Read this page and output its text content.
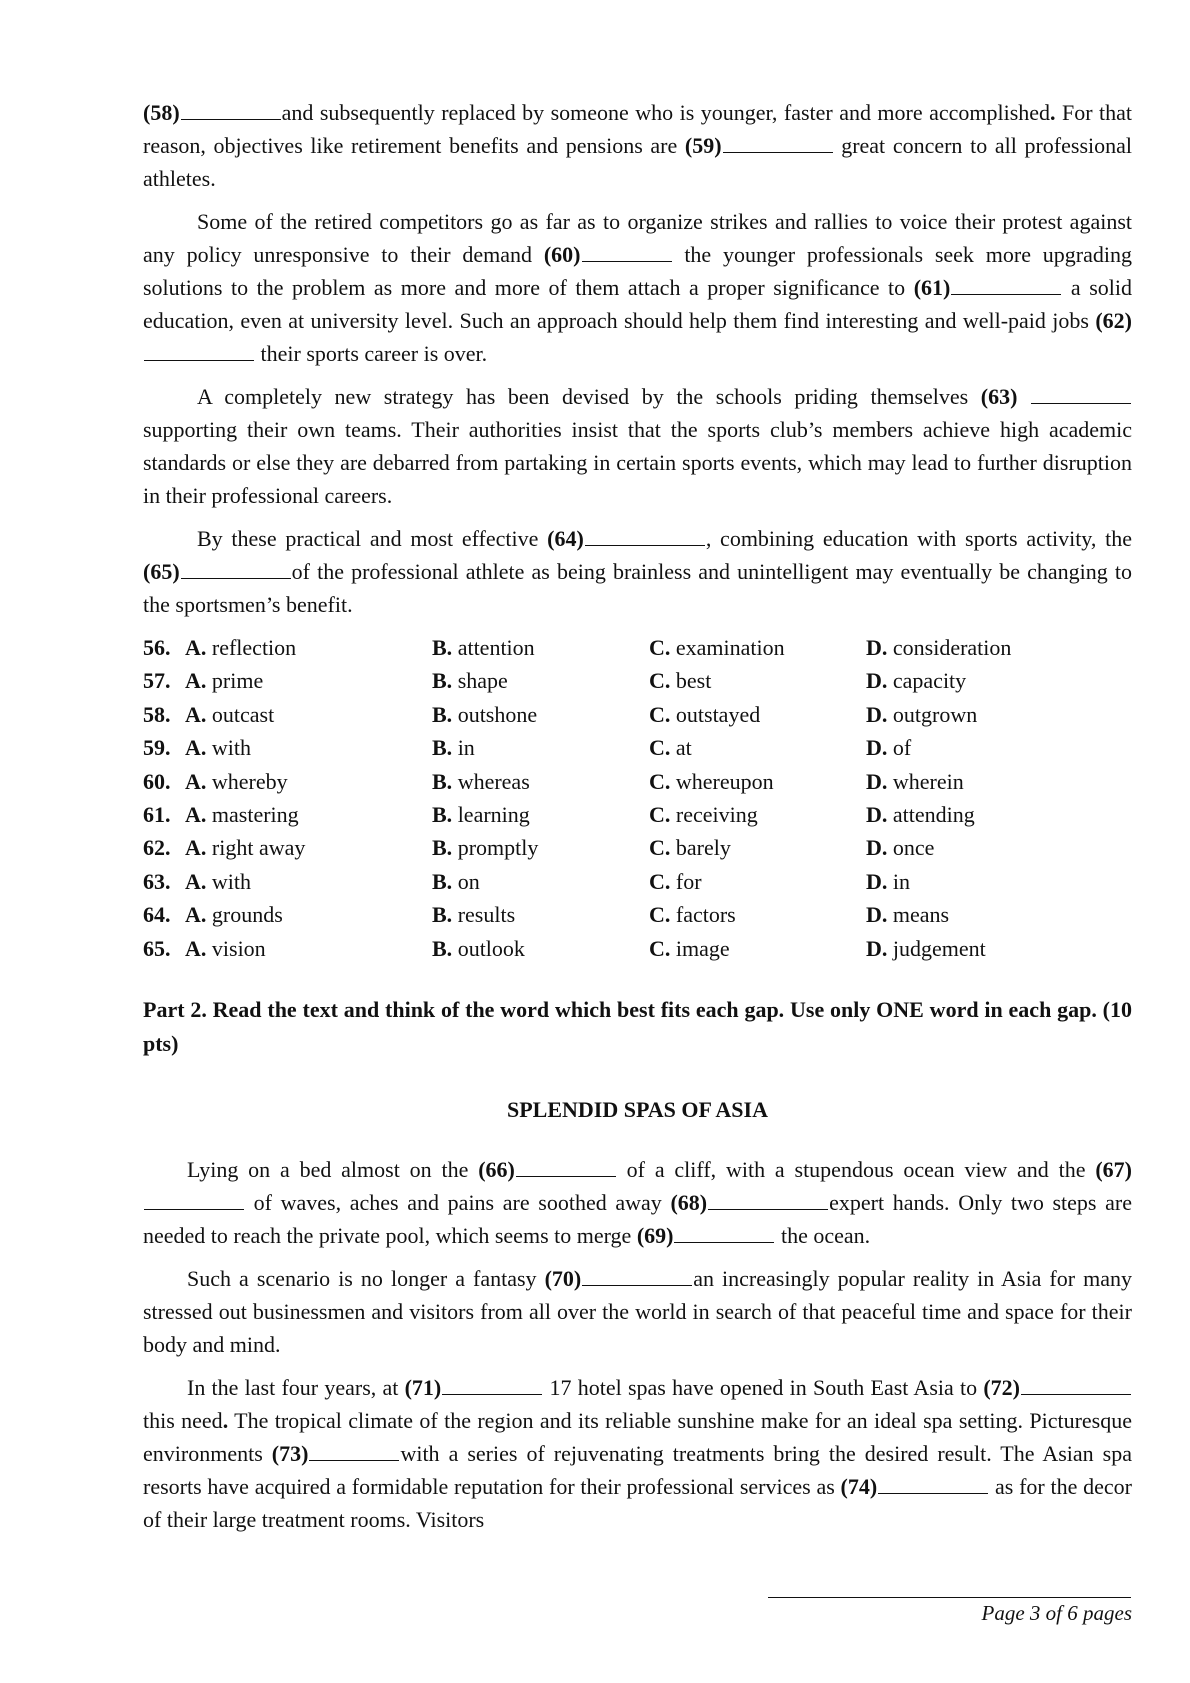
(58)	and subsequently replaced by someone who is younger, faster and more accomplished. For that reason, objectives like retirement benefits and pensions are (59)	great concern to all professional athletes.

Some of the retired competitors go as far as to organize strikes and rallies to voice their protest against any policy unresponsive to their demand (60)	the younger professionals seek more upgrading solutions to the problem as more and more of them attach a proper significance to (61)	a solid education, even at university level. Such an approach should help them find interesting and well-paid jobs (62) their sports career is over.

A completely new strategy has been devised by the schools priding themselves (63)  supporting their own teams. Their authorities insist that the sports club’s members achieve high academic standards or else they are debarred from partaking in certain sports events, which may lead to further disruption in their professional careers.

By these practical and most effective (64)	, combining education with sports activity, the (65)	of the professional athlete as being brainless and unintelligent may eventually be changing to the sportsmen’s benefit.

56.	A. reflection	B. attention	C. examination	D. consideration
57.	A. prime	B. shape	C. best	D. capacity
58.	A. outcast	B. outshone	C. outstayed	D. outgrown
59.	A. with	B. in	C. at	D. of
60.	A. whereby	B. whereas	C. whereupon	D. wherein
61.	A. mastering	B. learning	C. receiving	D. attending
62.	A. right away	B. promptly	C. barely	D. once
63.	A. with	B. on	C. for	D. in
64.	A. grounds	B. results	C. factors	D. means
65.	A. vision	B. outlook	C. image	D. judgement
Part 2. Read the text and think of the word which best fits each gap. Use only ONE word in each gap. (10 pts)
SPLENDID SPAS OF ASIA

Lying on a bed almost on the (66)	of a cliff, with a stupendous ocean view and the (67) of waves, aches and pains are soothed away (68)	expert hands. Only two steps are needed to reach the private pool, which seems to merge (69)	the ocean.

Such a scenario is no longer a fantasy (70)	an increasingly popular reality in Asia for many stressed out businessmen and visitors from all over the world in search of that peaceful time and space for their body and mind.

In the last four years, at (71)	17 hotel spas have opened in South East Asia to (72)this need. The tropical climate of the region and its reliable sunshine make for an ideal spa setting. Picturesque environments (73)	with a series of rejuvenating treatments bring the desired result. The Asian spa resorts have acquired a formidable reputation for their professional services as (74)	as for the decor of their large treatment rooms. Visitors

Page 3 of 6 pages
